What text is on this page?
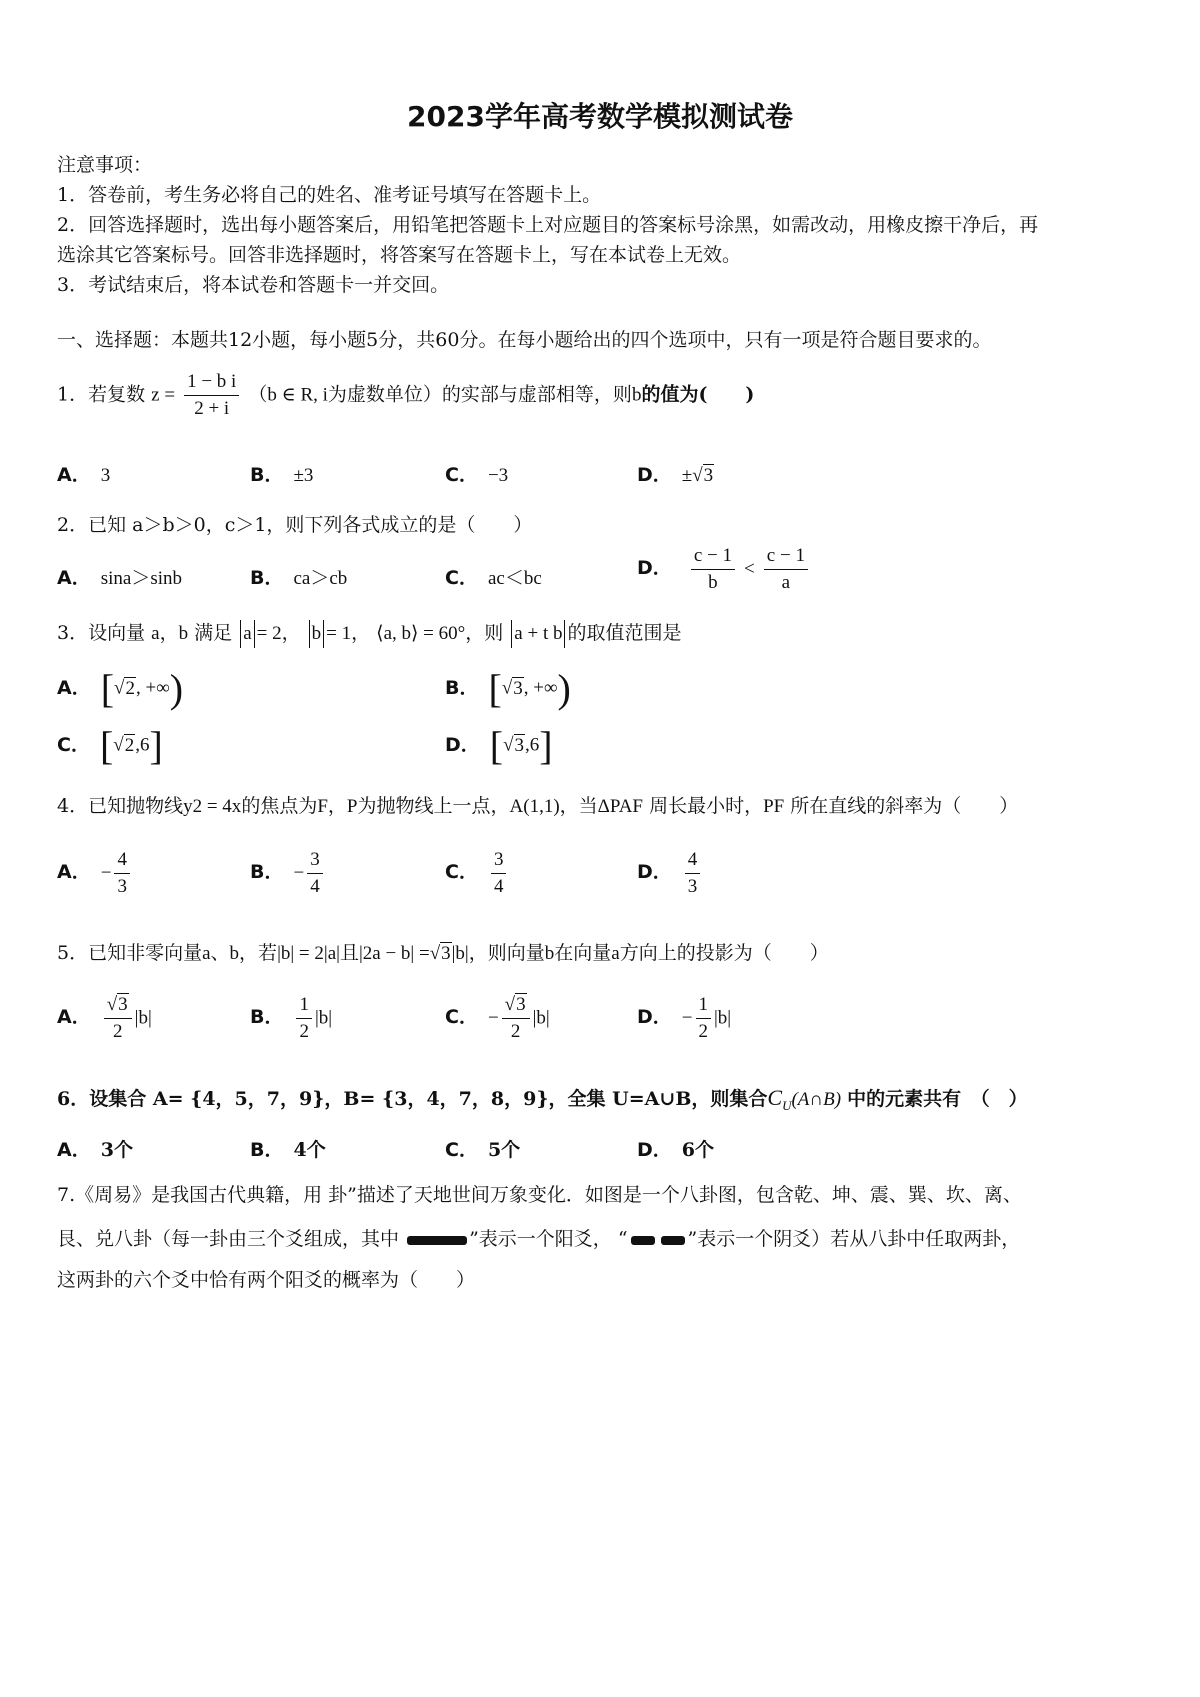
2023学年高考数学模拟测试卷
注意事项：
1．答卷前，考生务必将自己的姓名、准考证号填写在答题卡上。
2．回答选择题时，选出每小题答案后，用铅笔把答题卡上对应题目的答案标号涂黑，如需改动，用橡皮擦干净后，再
选涂其它答案标号。回答非选择题时，将答案写在答题卡上，写在本试卷上无效。
3．考试结束后，将本试卷和答题卡一并交回。
一、选择题：本题共12小题，每小题5分，共60分。在每小题给出的四个选项中，只有一项是符合题目要求的。
1．若复数 $z = \frac{\text{1 − b i}}{2 + i} (b$ ∈ R, i为虚数单位）的实部与虚部相等，则b的值为(　　)
A． 3	B． ±3	C． −3	D． ±√3
2．已知 a＞b＞0，c＞1，则下列各式成立的是（　　）
A． sina＞sinb	B． ca＞cb	C． ac＜bc	D． $\frac{c - 1}{b} < \frac{c - 1}{a}$
3．设向量 a，b 满足 a = 2， b = 1， ⟨a, b⟩ = 60°，则 a + t b 的取值范围是
A． [√2, +∞)	B． [√3, +∞)
C． [√2,6]	D． [√3,6]
4．已知抛物线y2 = 4x的焦点为F，P为抛物线上一点，A(1,1)，当ΔPAF 周长最小时，PF 所在直线的斜率为（　　）
A． − $\frac{4}{3}$	B． − $\frac{3}{4}$	C． $\frac{3}{4}$	D． $\frac{4}{3}$
5．已知非零向量a、b，若|b| = 2|a|且|2a − b| =√3|b|，则向量b在向量a方向上的投影为（　　）
A． $\frac{√3}{2} |b|$	B． $\frac{1}{2} |b|$	C． − $\frac{√3}{2} |b|$	D． − $\frac{1}{2} |b|$
6．设集合 A= {4，5，7，9}，B= {3，4，7，8，9}，全集 U=A∪B，则集合$C_U(A\cap B)$ 中的元素共有　（　）
A． 3个	B． 4个	C． 5个	D． 6个
7.《周易》是我国古代典籍，用 卦”描述了天地世间万象变化．如图是一个八卦图，包含乾、坤、震、巽、坎、离、
艮、兑八卦（每一卦由三个爻组成，其中	”表示一个阳爻， “	”表示一个阴爻）若从八卦中任取两卦，
这两卦的六个爻中恰有两个阳爻的概率为（　　）
